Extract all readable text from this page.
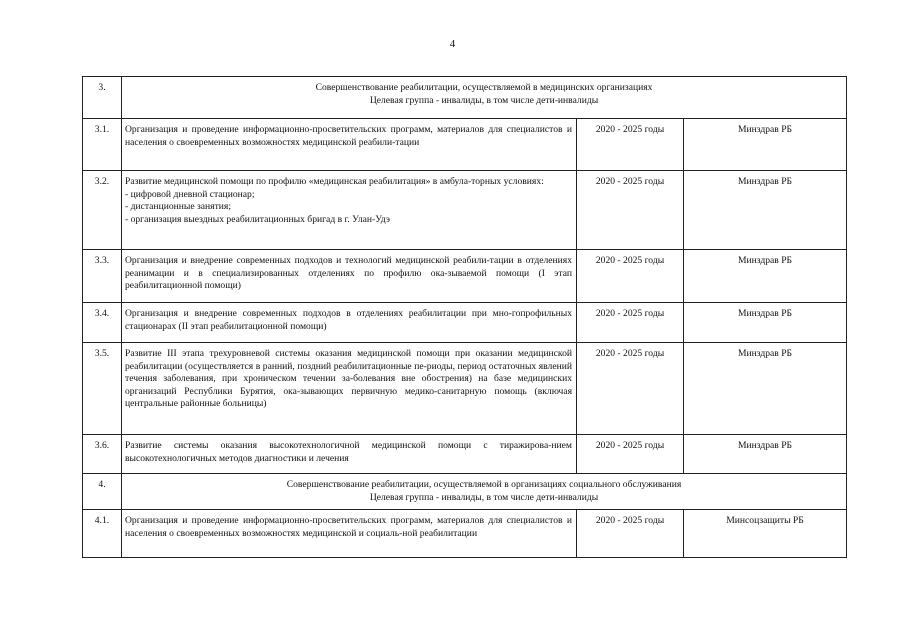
4
3.	Совершенствование реабилитации, осуществляемой в медицинских организациях
Целевая группа - инвалиды, в том числе дети-инвалиды		

3.1.	Организация и проведение информационно-просветительских программ, материалов для специалистов и населения о своевременных возможностях медицинской реабили-тации	2020 - 2025 годы	Минздрав РБ
3.2.	Развитие медицинской помощи по профилю «медицинская реабилитация» в амбула-торных условиях:
- цифровой дневной стационар;
- дистанционные занятия;
- организация выездных реабилитационных бригад в г. Улан-Удэ	2020 - 2025 годы	Минздрав РБ
3.3.	Организация и внедрение современных подходов и технологий медицинской реабили-тации в отделениях реанимации и в специализированных отделениях по профилю ока-зываемой помощи (I этап реабилитационной помощи)	2020 - 2025 годы	Минздрав РБ
3.4.	Организация и внедрение современных подходов в отделениях реабилитации при мно-гопрофильных стационарах (II этап реабилитационной помощи)	2020 - 2025 годы	Минздрав РБ
3.5.	Развитие III этапа трехуровневой системы оказания медицинской помощи при оказании медицинской реабилитации (осуществляется в ранний, поздний реабилитационные пе-риоды, период остаточных явлений течения заболевания, при хроническом течении за-болевания вне обострения) на базе медицинских организаций Республики Бурятия, ока-зывающих первичную медико-санитарную помощь (включая центральные районные больницы)	2020 - 2025 годы	Минздрав РБ
3.6.	Развитие системы оказания высокотехнологичной медицинской помощи с тиражирова-нием высокотехнологичных методов диагностики и лечения	2020 - 2025 годы	Минздрав РБ
4.	Совершенствование реабилитации, осуществляемой в организациях социального обслуживания
Целевая группа - инвалиды, в том числе дети-инвалиды		

4.1.	Организация и проведение информационно-просветительских программ, материалов для специалистов и населения о своевременных возможностях медицинской и социаль-ной реабилитации	2020 - 2025 годы	Минсоцзащиты РБ
